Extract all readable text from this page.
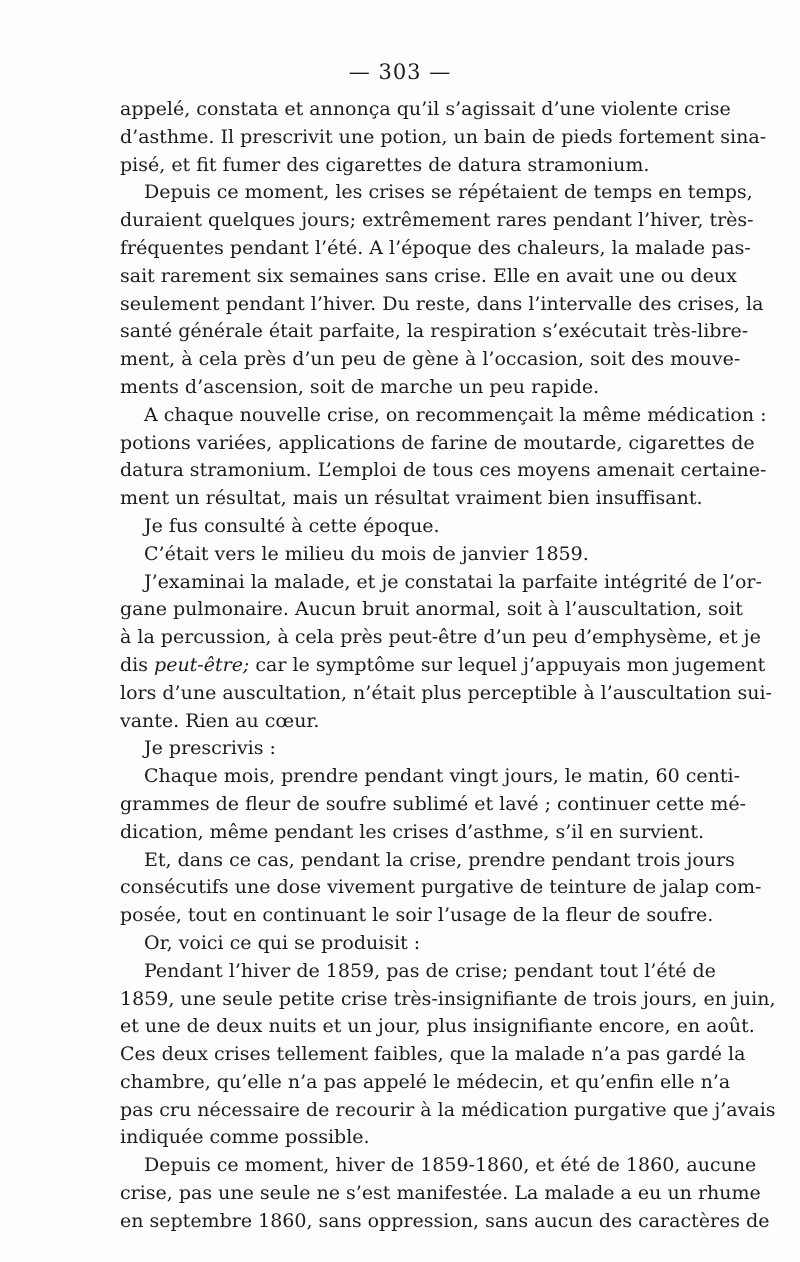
— 303 —
appelé, constata et annonça qu’il s’agissait d’une violente crise
d’asthme. Il prescrivit une potion, un bain de pieds fortement sina-
pisé, et fit fumer des cigarettes de datura stramonium.
Depuis ce moment, les crises se répétaient de temps en temps,
duraient quelques jours; extrêmement rares pendant l’hiver, très-
fréquentes pendant l’été. A l’époque des chaleurs, la malade pas-
sait rarement six semaines sans crise. Elle en avait une ou deux
seulement pendant l’hiver. Du reste, dans l’intervalle des crises, la
santé générale était parfaite, la respiration s’exécutait très-libre-
ment, à cela près d’un peu de gène à l’occasion, soit des mouve-
ments d’ascension, soit de marche un peu rapide.
A chaque nouvelle crise, on recommençait la même médication :
potions variées, applications de farine de moutarde, cigarettes de
datura stramonium. L’emploi de tous ces moyens amenait certaine-
ment un résultat, mais un résultat vraiment bien insuffisant.
Je fus consulté à cette époque.
C’était vers le milieu du mois de janvier 1859.
J’examinai la malade, et je constatai la parfaite intégrité de l’or-
gane pulmonaire. Aucun bruit anormal, soit à l’auscultation, soit
à la percussion, à cela près peut-être d’un peu d’emphysème, et je
dis peut-être; car le symptôme sur lequel j’appuyais mon jugement
lors d’une auscultation, n’était plus perceptible à l’auscultation sui-
vante. Rien au cœur.
Je prescrivis :
Chaque mois, prendre pendant vingt jours, le matin, 60 centi-
grammes de fleur de soufre sublimé et lavé ; continuer cette mé-
dication, même pendant les crises d’asthme, s’il en survient.
Et, dans ce cas, pendant la crise, prendre pendant trois jours
consécutifs une dose vivement purgative de teinture de jalap com-
posée, tout en continuant le soir l’usage de la fleur de soufre.
Or, voici ce qui se produisit :
Pendant l’hiver de 1859, pas de crise; pendant tout l’été de
1859, une seule petite crise très-insignifiante de trois jours, en juin,
et une de deux nuits et un jour, plus insignifiante encore, en août.
Ces deux crises tellement faibles, que la malade n’a pas gardé la
chambre, qu’elle n’a pas appelé le médecin, et qu’enfin elle n’a
pas cru nécessaire de recourir à la médication purgative que j’avais
indiquée comme possible.
Depuis ce moment, hiver de 1859-1860, et été de 1860, aucune
crise, pas une seule ne s’est manifestée. La malade a eu un rhume
en septembre 1860, sans oppression, sans aucun des caractères de
